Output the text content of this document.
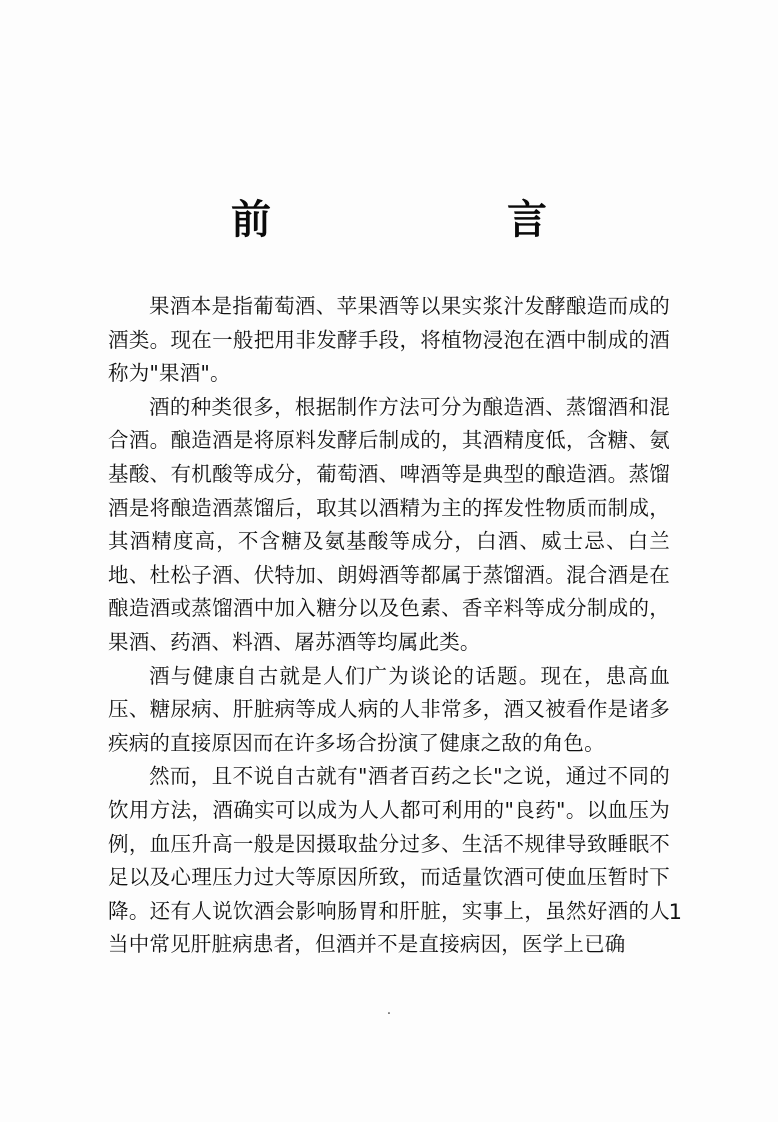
前　　言

果酒本是指葡萄酒、苹果酒等以果实浆汁发酵酿造而成的酒类。现在一般把用非发酵手段，将植物浸泡在酒中制成的酒称为"果酒"。

酒的种类很多，根据制作方法可分为酿造酒、蒸馏酒和混合酒。酿造酒是将原料发酵后制成的，其酒精度低，含糖、氨基酸、有机酸等成分，葡萄酒、啤酒等是典型的酿造酒。蒸馏酒是将酿造酒蒸馏后，取其以酒精为主的挥发性物质而制成，其酒精度高，不含糖及氨基酸等成分，白酒、威士忌、白兰地、杜松子酒、伏特加、朗姆酒等都属于蒸馏酒。混合酒是在酿造酒或蒸馏酒中加入糖分以及色素、香辛料等成分制成的，果酒、药酒、料酒、屠苏酒等均属此类。

酒与健康自古就是人们广为谈论的话题。现在，患高血压、糖尿病、肝脏病等成人病的人非常多，酒又被看作是诸多疾病的直接原因而在许多场合扮演了健康之敌的角色。

然而，且不说自古就有"酒者百药之长"之说，通过不同的饮用方法，酒确实可以成为人人都可利用的"良药"。以血压为例，血压升高一般是因摄取盐分过多、生活不规律导致睡眠不足以及心理压力过大等原因所致，而适量饮酒可使血压暂时下降。还有人说饮酒会影响肠胃和肝脏，实事上，虽然好酒的人当中常见肝脏病患者，但酒并不是直接病因，医学上已确

1
.
